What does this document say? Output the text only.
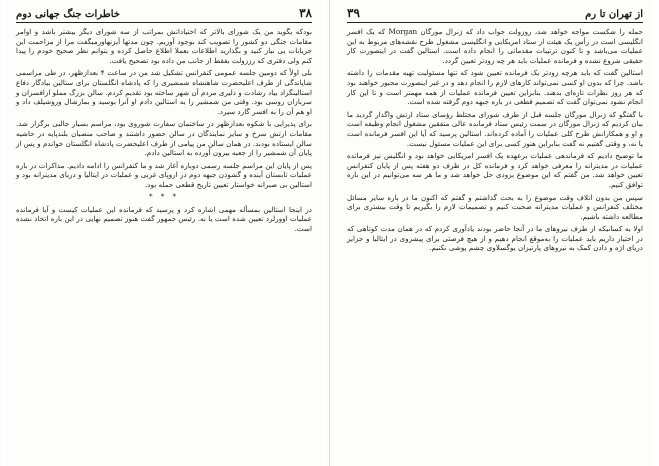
۳۸
خاطرات جنگ جهانی دوم

بودکه بگوید من یک شورای بالاتر که اختیاداتش بمراتب از سه شورای دیگر بیشتر باشد و اوامر مقامات جنگی دو کشور را تصویب کند بوجود آوریم. چون مدتها آیزنهاورمیگفت مرا از مزاحمت این جریانات بی نیاز کنید و بگذارید اطلاعات بعملا اطلاع حاصل کرده و بتوانم نظر صحیح خودم را پیدا کنم ولی دفتری که رززولت بفقط از جانب من داده بود تصحیح یافت.

بلی اولاً که دومین جلسه عمومی کنفرانس تشکیل شد من در ساعت ۴ بعدازظهر، در طی مراسمی شاپاندگی از طرف اعلیحضرت شاهنشاه شمشیری را که پادشاه انگلستان برای ستالین بیادگار دفاع استالینگراد بیاد رشادت و دلیری مردم آن شهر ساخته بود تقدیم کردم. سالن بزرگ مملو ازافسران و سربازان روسی بود. وقتی من شمشیر را به استالین دادم او آنرا بوسید و بمارشال وروشیلف داد و او هم آن را به افسر گارد سپرد.

برای پذیرایی با شکوه بعدازظهر در ساختمان سفارت شوروی بود، مراسم بسیار جالبی برگزار شد. مقامات ارتش سرخ و سایر نمایندگان در سالن حضور داشتند و صاحب منصبان بلندپایه در حاشیه سالن ایستاده بودند. در همان سالن من پیامی از طرف اعلیحضرت پادشاه انگلستان خواندم و پس از پایان آن شمشیر را از جعبه بیرون آورده به استالین دادم.

پس از پایان این مراسم جلسه رسمی دوباره آغاز شد و ما کنفرانس را ادامه دادیم. مذاکرات در باره عملیات تابستان آینده و گشودن جبهه دوم در اروپای غربی و عملیات در ایتالیا و دریای مدیترانه بود و استالین بی صبرانه خواستار تعیین تاریخ قطعی حمله بود.

* * *

در اینجا استالین بمسأله مهمی اشاره کرد و پرسید که فرمانده این عملیات کیست و آیا فرمانده عملیات اوورلرد تعیین شده است یا نه. رئیس جمهور گفت هنوز تصمیم نهایی در این باره اتخاذ نشده است.

از تهران تا رم
۳۹

حمله را شکست مواجه خواهد شد، روزولت جواب داد که ژنرال مورگان Morgan که یک افسر انگلیسی است در رأس یک هیئت از ستاد امریکایی و انگلیسی مشغول طرح نقشه‌های مربوط به این عملیات می‌باشد و تا کنون ترتیبات مقدماتی را انجام داده است. استالین گفت در اینصورت کار حقیقی شروع نشده و فرمانده عملیات باید هر چه زودتر تعیین گردد.

استالین گفت که باید هرچه زودتر یک فرمانده تعیین شود که تنها مسئولیت تهیه مقدمات را داشته باشد. چرا که بدون او کسی نمی‌تواند کارهای لازم را انجام دهد و در غیر اینصورت مجبور خواهند بود که هر روز نظرات تازه‌ای بدهند. بنابراین تعیین فرمانده عملیات از همه مهمتر است و تا این کار انجام نشود نمی‌توان گفت که تصمیم قطعی در باره جبهه دوم گرفته شده است.

با گفتگو که ژنرال مورگان جلسه قبل از طرف شورای مختلط رؤسای ستاد ارتش واگذار گردید ما بیان کردیم که ژنرال مورگان در سمت رئیس ستاد فرمانده عالی متفقین مشغول انجام وظیفه است و او و همکارانش طرح کلی عملیات را آماده کرده‌اند. استالین پرسید که آیا این افسر فرمانده است یا نه، و وقتی گفتیم نه گفت بنابراین هنوز کسی برای این عملیات مسئول نیست.

ما توضیح دادیم که فرماندهی عملیات برعهده یک افسر امریکایی خواهد بود و انگلیس نیز فرمانده عملیات در مدیترانه را معرفی خواهد کرد و فرمانده کل در ظرف دو هفته پس از پایان کنفرانس تعیین خواهد شد. من گفتم که این موضوع بزودی حل خواهد شد و ما هر سه می‌توانیم در این باره توافق کنیم.

سپس من بدون اتلاف وقت موضوع را به بحث گذاشتم و گفتم که اکنون ما در باره سایر مسائل مختلف کنفرانس و عملیات مدیترانه صحبت کنیم و تصمیمات لازم را بگیریم تا وقت بیشتری برای مطالعه داشته باشیم.

اولا به کسانیکه از طرف نیروهای ما در آنجا حاضر بودند یادآوری کردم که در همان مدت کوتاهی که در اختیار داریم باید عملیات را به‌موقع انجام دهیم و از هیچ فرصتی برای پیشروی در ایتالیا و جزایر دریای اژه و دادن کمک به نیروهای پارتیزان یوگسلاوی چشم پوشی نکنیم.
